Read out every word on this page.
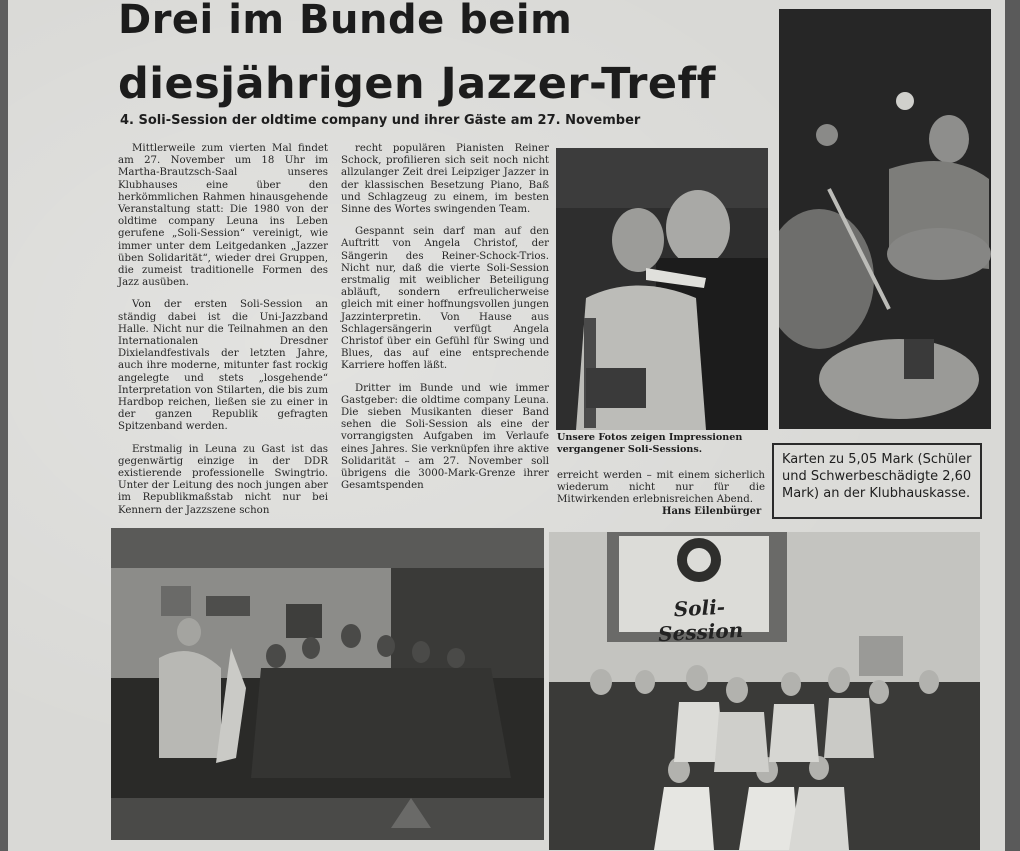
Drei im Bunde beim
diesjährigen Jazzer-Treff
4. Soli-Session der oldtime company und ihrer Gäste am 27. November

Mittlerweile zum vierten Mal findet am 27. November um 18 Uhr im Martha-Brautzsch-Saal unseres Klubhauses eine über den herkömmlichen Rahmen hinausgehende Veranstaltung statt: Die 1980 von der oldtime company Leuna ins Leben gerufene „Soli-Session“ vereinigt, wie immer unter dem Leitgedanken „Jazzer üben Solidarität“, wieder drei Gruppen, die zumeist traditionelle Formen des Jazz ausüben.

Von der ersten Soli-Session an ständig dabei ist die Uni-Jazzband Halle. Nicht nur die Teilnahmen an den Internationalen Dresdner Dixielandfestivals der letzten Jahre, auch ihre moderne, mitunter fast rockig angelegte und stets „losgehende“ Interpretation von Stilarten, die bis zum Hardbop reichen, ließen sie zu einer in der ganzen Republik gefragten Spitzenband werden.

Erstmalig in Leuna zu Gast ist das gegenwärtig einzige in der DDR existierende professionelle Swingtrio. Unter der Leitung des noch jungen aber im Republikmaßstab nicht nur bei Kennern der Jazzszene schon

recht populären Pianisten Reiner Schock, profilieren sich seit noch nicht allzulanger Zeit drei Leipziger Jazzer in der klassischen Besetzung Piano, Baß und Schlagzeug zu einem, im besten Sinne des Wortes swingenden Team.

Gespannt sein darf man auf den Auftritt von Angela Christof, der Sängerin des Reiner-Schock-Trios. Nicht nur, daß die vierte Soli-Session erstmalig mit weiblicher Beteiligung abläuft, sondern erfreulicherweise gleich mit einer hoffnungsvollen jungen Jazzinterpretin. Von Hause aus Schlagersängerin verfügt Angela Christof über ein Gefühl für Swing und Blues, das auf eine entsprechende Karriere hoffen läßt.

Dritter im Bunde und wie immer Gastgeber: die oldtime company Leuna. Die sieben Musikanten dieser Band sehen die Soli-Session als eine der vorrangigsten Aufgaben im Verlaufe eines Jahres. Sie verknüpfen ihre aktive Solidarität – am 27. November soll übrigens die 3000-Mark-Grenze ihrer Gesamtspenden

erreicht werden – mit einem sicherlich wiederum nicht nur für die Mitwirkenden erlebnisreichen Abend.

Hans Eilenbürger
Unsere Fotos zeigen Impressionen vergangener Soli-Sessions.
Karten zu 5,05 Mark (Schüler und Schwerbeschädigte 2,60 Mark) an der Klubhauskasse.
Soli-Session
